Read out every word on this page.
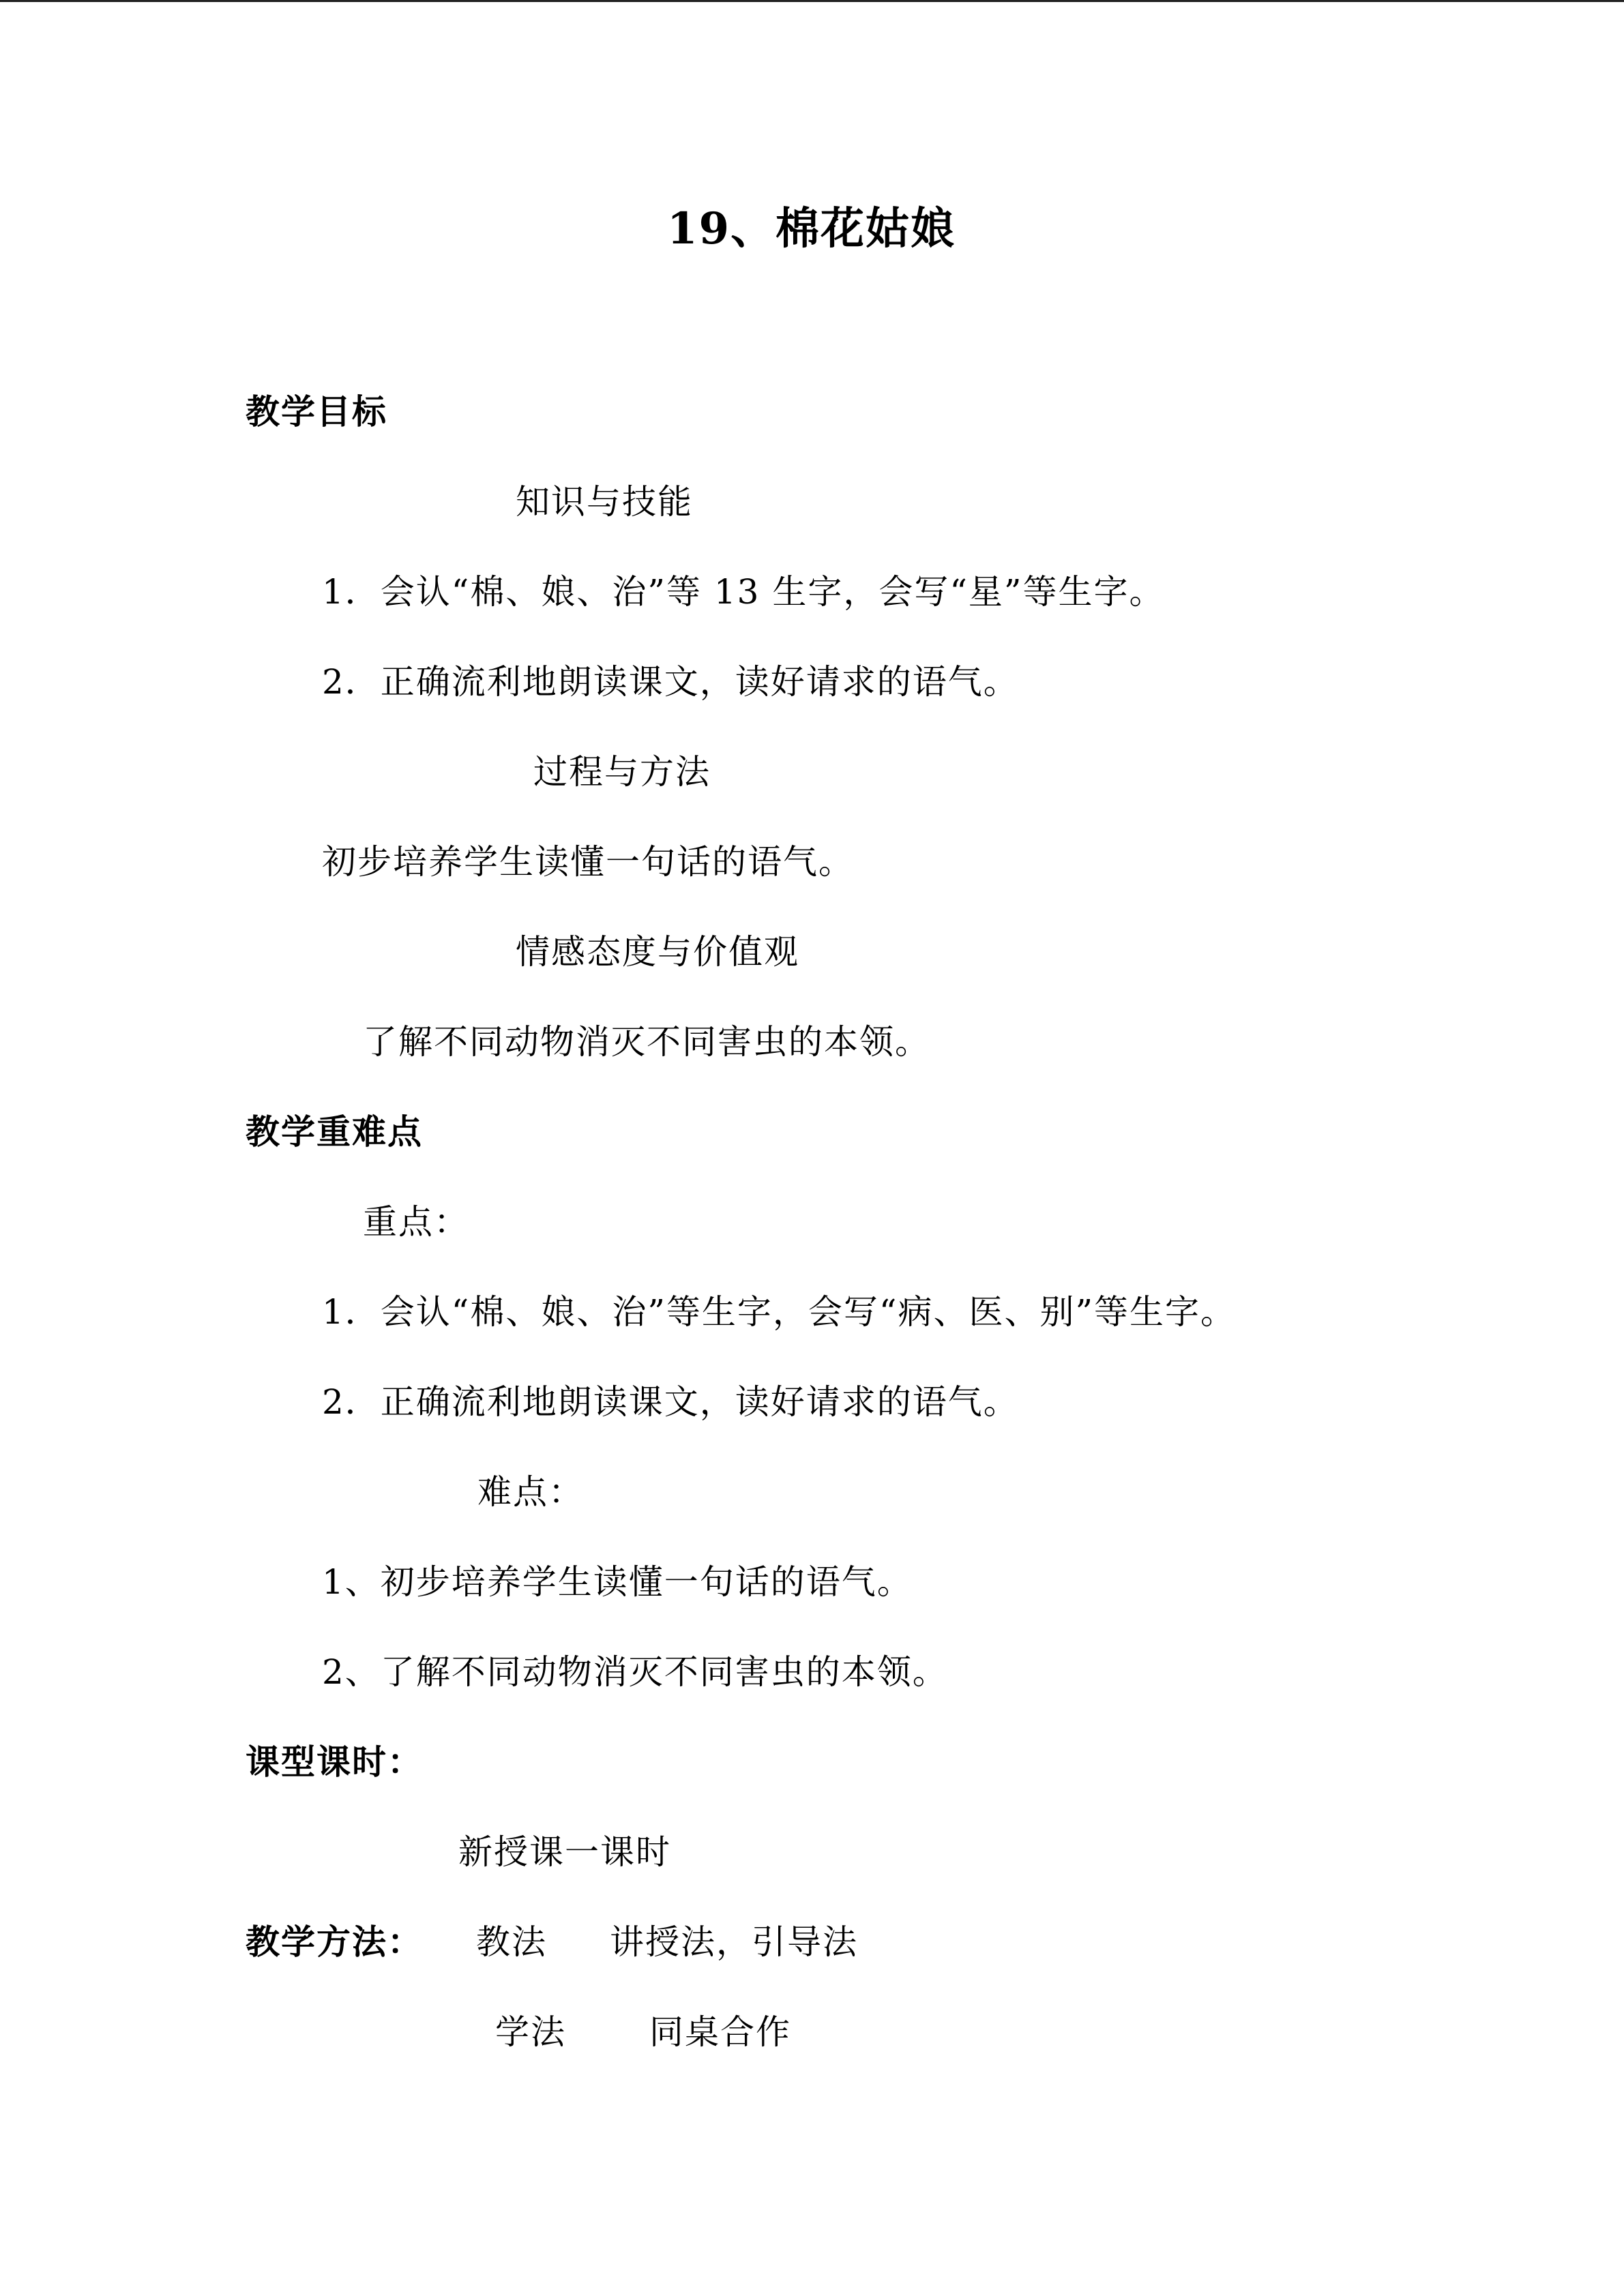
19、棉花姑娘
教学目标
知识与技能
1．会认“棉、娘、治”等 13 生字，会写“星”等生字。
2．正确流利地朗读课文，读好请求的语气。
过程与方法
初步培养学生读懂一句话的语气。
情感态度与价值观
了解不同动物消灭不同害虫的本领。
教学重难点
重点：
1．会认“棉、娘、治”等生字，会写“病、医、别”等生字。
2．正确流利地朗读课文，读好请求的语气。
难点：
1、初步培养学生读懂一句话的语气。
2、了解不同动物消灭不同害虫的本领。
课型课时：
新授课一课时
教学方法： 教法 讲授法，引导法
学法 同桌合作
